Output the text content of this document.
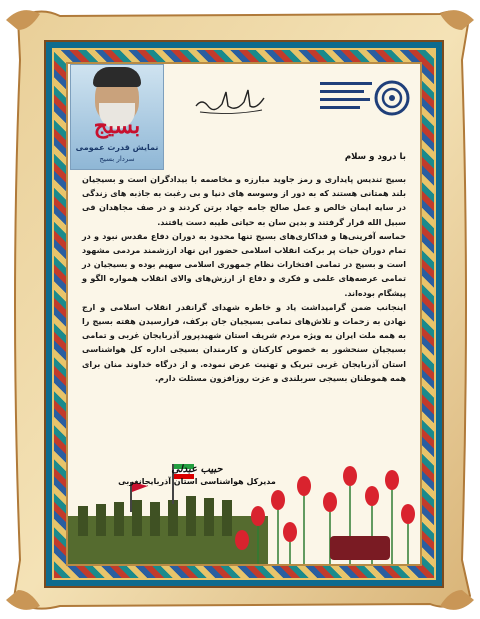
بسیج
نمایش قدرت عمومی
سردار بسیج	با درود و سلام

بسیج تندیس پایداری و رمز جاوید مبارزه و مخاصمه با بیدادگران است و بسیجیان بلند همتانی هستند که به دور از وسوسه های دنیا و بی رغبت به جاذبه های زندگی در سایه ایمان خالص و عمل صالح جامه جهاد برتن کردند و در صف مجاهدان فی سبیل الله قرار گرفتند و بدین سان به حیاتی طیبه دست یافتند.

حماسه آفرینی‌ها و فداکاری‌های بسیج تنها محدود به دوران دفاع مقدس نبود و در تمام دوران حیات پر برکت انقلاب اسلامی حضور این نهاد ارزشمند مردمی مشهود است و بسیج در تمامی افتخارات نظام جمهوری اسلامی سهیم بوده و بسیجیان در تمامی عرصه‌های علمی و فکری و دفاع از ارزش‌های والای انقلاب همواره الگو و پیشگام بوده‌اند.

اینجانب ضمن گرامیداشت یاد و خاطره شهدای گرانقدر انقلاب اسلامی و ارج نهادن به زحمات و تلاش‌های تمامی بسیجیان جان برکف، فرارسیدن هفته بسیج را به همه ملت ایران به ویژه مردم شریف استان شهیدپرور آذربایجان غربی و تمامی بسیجیان سنحشور به خصوص کارکنان و کارمندان بسیجی اداره کل هواشناسی استان آذربایجان غربی تبریک و تهنیت عرض نموده. و از درگاه خداوند منان برای همه هموطنان بسیجی سربلندی و عزت روزافزون مسئلت دارم.

حبیب عبدلی
مدیرکل هواشناسی استان آذربایجانغربی
